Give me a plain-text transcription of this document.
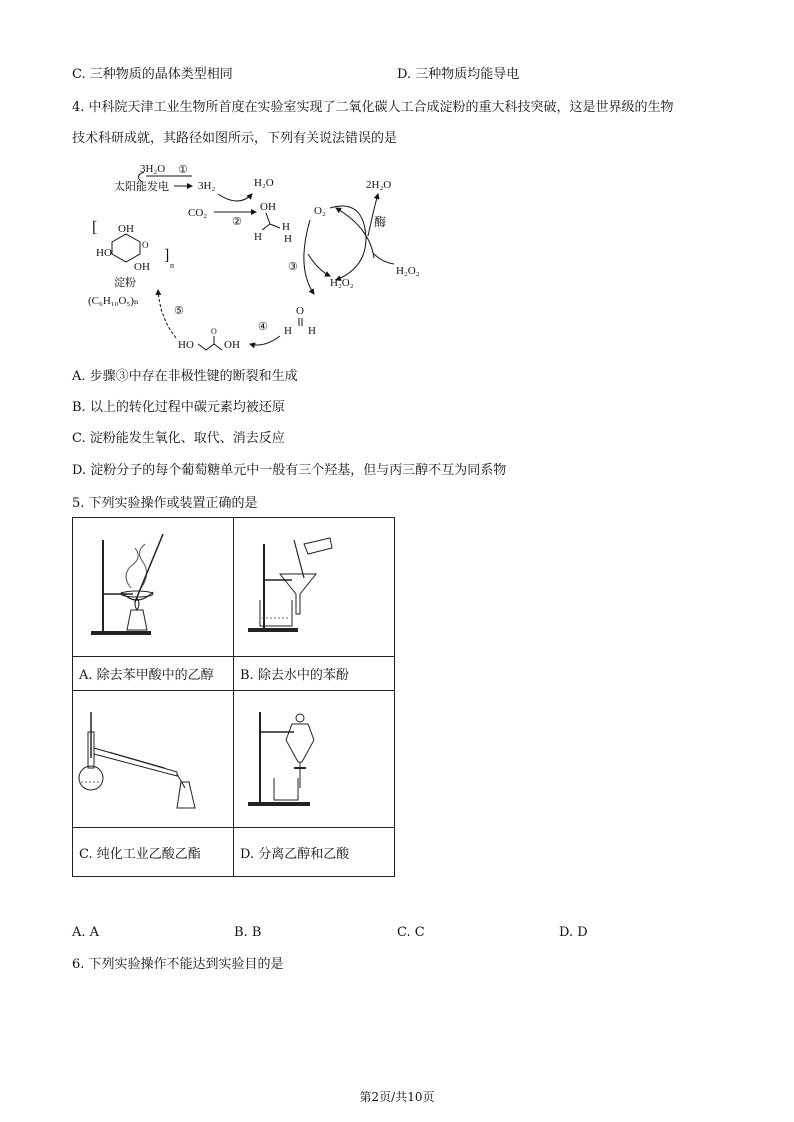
C. 三种物质的晶体类型相同	D. 三种物质均能导电
4. 中科院天津工业生物所首度在实验室实现了二氧化碳人工合成淀粉的重大科技突破，这是世界级的生物
技术科研成就，其路径如图所示，下列有关说法错误的是
3H₂O ①
太阳能发电	3H₂	H₂O
CO₂
②
OH
H
H
H
O₂
2H₂O
酶
H₂O₂
H₂O₂
③
O
H H
④
HO
O
OH
⑤
[
]
OH
HO
OH
O
n
淀粉
(C₆H₁₀O₅)ₙ
A. 步骤③中存在非极性键的断裂和生成
B. 以上的转化过程中碳元素均被还原
C. 淀粉能发生氧化、取代、消去反应
D. 淀粉分子的每个葡萄糖单元中一般有三个羟基，但与丙三醇不互为同系物
5. 下列实验操作或装置正确的是

A. 除去苯甲酸中的乙醇	B. 除去水中的苯酚

C. 纯化工业乙酸乙酯	D. 分离乙醇和乙酸
A. A	B. B	C. C	D. D
6. 下列实验操作不能达到实验目的是
第2页/共10页
